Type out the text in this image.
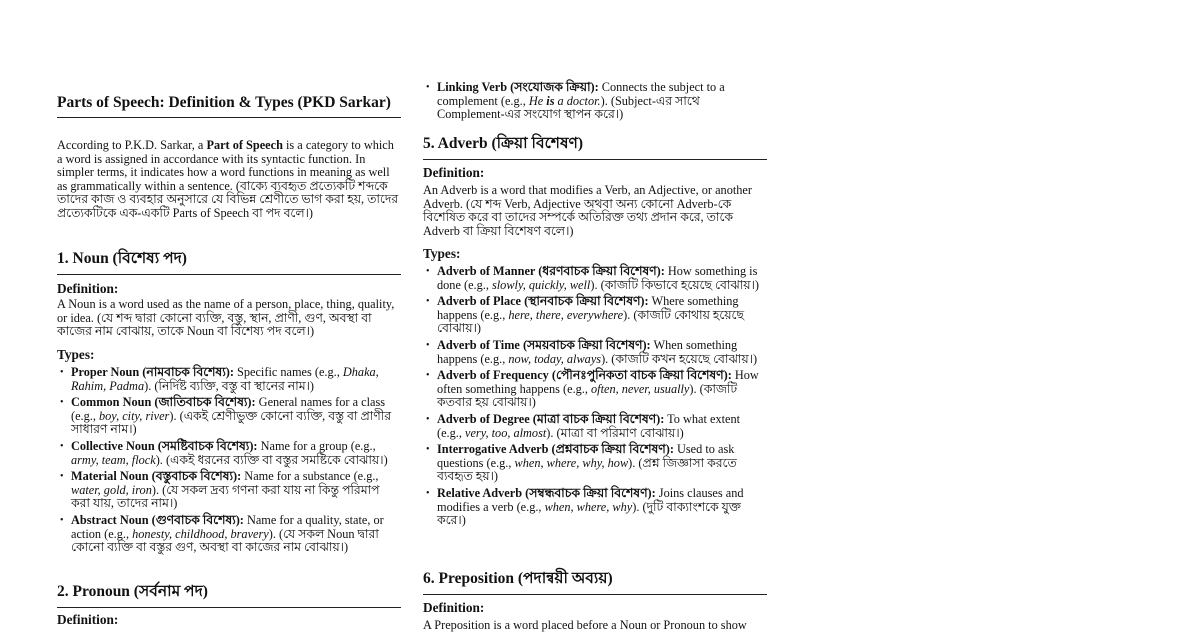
Parts of Speech: Definition & Types (PKD Sarkar)

According to P.K.D. Sarkar, a Part of Speech is a category to which a word is assigned in accordance with its syntactic function. In simpler terms, it indicates how a word functions in meaning as well as grammatically within a sentence. (বাক্যে ব্যবহৃত প্রত্যেকটি শব্দকে তাদের কাজ ও ব্যবহার অনুসারে যে বিভিন্ন শ্রেণীতে ভাগ করা হয়, তাদের প্রত্যেকটিকে এক-একটি Parts of Speech বা পদ বলে।)

1. Noun (বিশেষ্য পদ)
Definition:

A Noun is a word used as the name of a person, place, thing, quality, or idea. (যে শব্দ দ্বারা কোনো ব্যক্তি, বস্তু, স্থান, প্রাণী, গুণ, অবস্থা বা কাজের নাম বোঝায়, তাকে Noun বা বিশেষ্য পদ বলে।)

Types:
• Proper Noun (নামবাচক বিশেষ্য): Specific names (e.g., Dhaka, Rahim, Padma). (নির্দিষ্ট ব্যক্তি, বস্তু বা স্থানের নাম।)
• Common Noun (জাতিবাচক বিশেষ্য): General names for a class (e.g., boy, city, river). (একই শ্রেণীভুক্ত কোনো ব্যক্তি, বস্তু বা প্রাণীর সাধারণ নাম।)
• Collective Noun (সমষ্টিবাচক বিশেষ্য): Name for a group (e.g., army, team, flock). (একই ধরনের ব্যক্তি বা বস্তুর সমষ্টিকে বোঝায়।)
• Material Noun (বস্তুবাচক বিশেষ্য): Name for a substance (e.g., water, gold, iron). (যে সকল দ্রব্য গণনা করা যায় না কিন্তু পরিমাপ করা যায়, তাদের নাম।)
• Abstract Noun (গুণবাচক বিশেষ্য): Name for a quality, state, or action (e.g., honesty, childhood, bravery). (যে সকল Noun দ্বারা কোনো ব্যক্তি বা বস্তুর গুণ, অবস্থা বা কাজের নাম বোঝায়।)
2. Pronoun (সর্বনাম পদ)
Definition:
• Linking Verb (সংযোজক ক্রিয়া): Connects the subject to a complement (e.g., He is a doctor.). (Subject-এর সাথে Complement-এর সংযোগ স্থাপন করে।)
5. Adverb (ক্রিয়া বিশেষণ)
Definition:

An Adverb is a word that modifies a Verb, an Adjective, or another Adverb. (যে শব্দ Verb, Adjective অথবা অন্য কোনো Adverb-কে বিশেষিত করে বা তাদের সম্পর্কে অতিরিক্ত তথ্য প্রদান করে, তাকে Adverb বা ক্রিয়া বিশেষণ বলে।)

Types:
• Adverb of Manner (ধরণবাচক ক্রিয়া বিশেষণ): How something is done (e.g., slowly, quickly, well). (কাজটি কিভাবে হয়েছে বোঝায়।)
• Adverb of Place (স্থানবাচক ক্রিয়া বিশেষণ): Where something happens (e.g., here, there, everywhere). (কাজটি কোথায় হয়েছে বোঝায়।)
• Adverb of Time (সময়বাচক ক্রিয়া বিশেষণ): When something happens (e.g., now, today, always). (কাজটি কখন হয়েছে বোঝায়।)
• Adverb of Frequency (পৌনঃপুনিকতা বাচক ক্রিয়া বিশেষণ): How often something happens (e.g., often, never, usually). (কাজটি কতবার হয় বোঝায়।)
• Adverb of Degree (মাত্রা বাচক ক্রিয়া বিশেষণ): To what extent (e.g., very, too, almost). (মাত্রা বা পরিমাণ বোঝায়।)
• Interrogative Adverb (প্রশ্নবাচক ক্রিয়া বিশেষণ): Used to ask questions (e.g., when, where, why, how). (প্রশ্ন জিজ্ঞাসা করতে ব্যবহৃত হয়।)
• Relative Adverb (সম্বন্ধবাচক ক্রিয়া বিশেষণ): Joins clauses and modifies a verb (e.g., when, where, why). (দুটি বাক্যাংশকে যুক্ত করে।)
6. Preposition (পদান্বয়ী অব্যয়)
Definition:

A Preposition is a word placed before a Noun or Pronoun to show
